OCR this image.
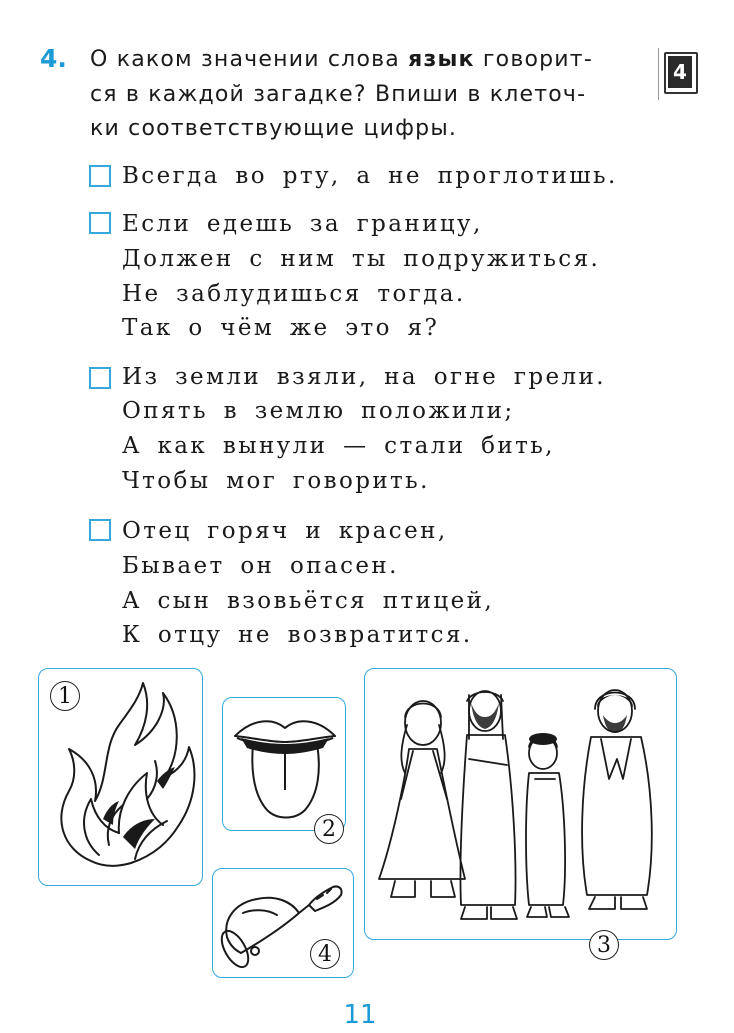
4. О каком значении слова язык говорит-
ся в каждой загадке? Впиши в клеточ-
ки соответствующие цифры.
4
Всегда во рту, а не проглотишь.
Если едешь за границу,
Должен с ним ты подружиться.
Не заблудишься тогда.
Так о чём же это я?
Из земли взяли, на огне грели.
Опять в землю положили;
А как вынули — стали бить,
Чтобы мог говорить.
Отец горяч и красен,
Бывает он опасен.
А сын взовьётся птицей,
К отцу не возвратится.
1
2
4	3
11
